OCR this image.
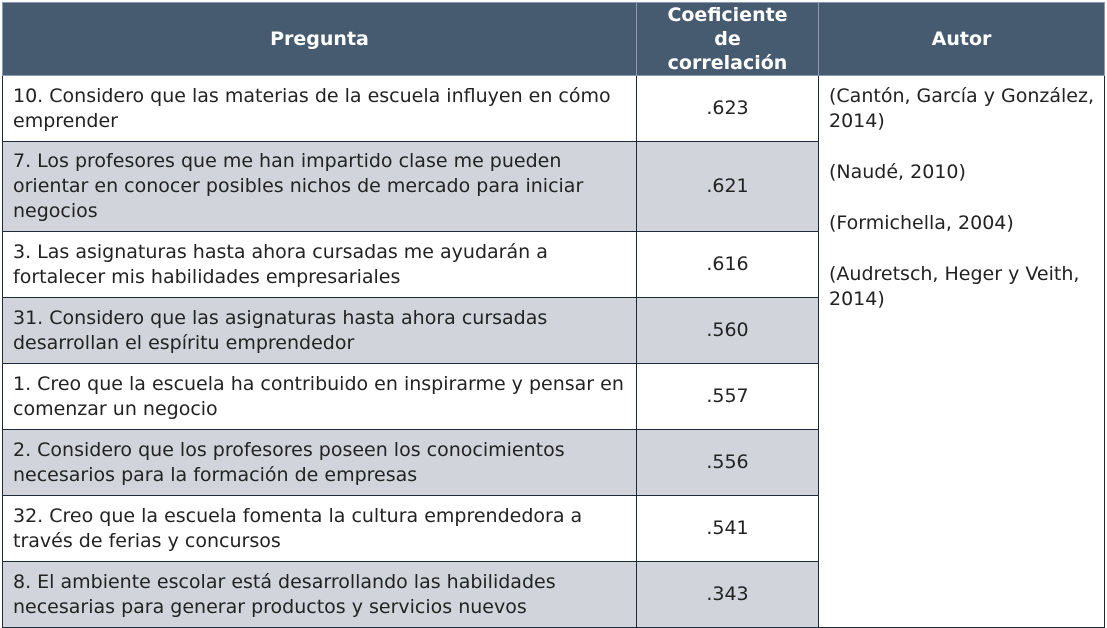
Pregunta	Coeficiente de correlación	Autor
10. Considero que las materias de la escuela influyen en cómo emprender	.623	(Cantón, García y González, 2014)
(Naudé, 2010)
(Formichella, 2004)
(Audretsch, Heger y Veith, 2014)

7. Los profesores que me han impartido clase me pueden orientar en conocer posibles nichos de mercado para iniciar negocios	.621	
3. Las asignaturas hasta ahora cursadas me ayudarán a fortalecer mis habilidades empresariales	.616	
31. Considero que las asignaturas hasta ahora cursadas desarrollan el espíritu emprendedor	.560	
1. Creo que la escuela ha contribuido en inspirarme y pensar en comenzar un negocio	.557	
2. Considero que los profesores poseen los conocimientos necesarios para la formación de empresas	.556	
32. Creo que la escuela fomenta la cultura emprendedora a través de ferias y concursos	.541	
8. El ambiente escolar está desarrollando las habilidades necesarias para generar productos y servicios nuevos	.343	
